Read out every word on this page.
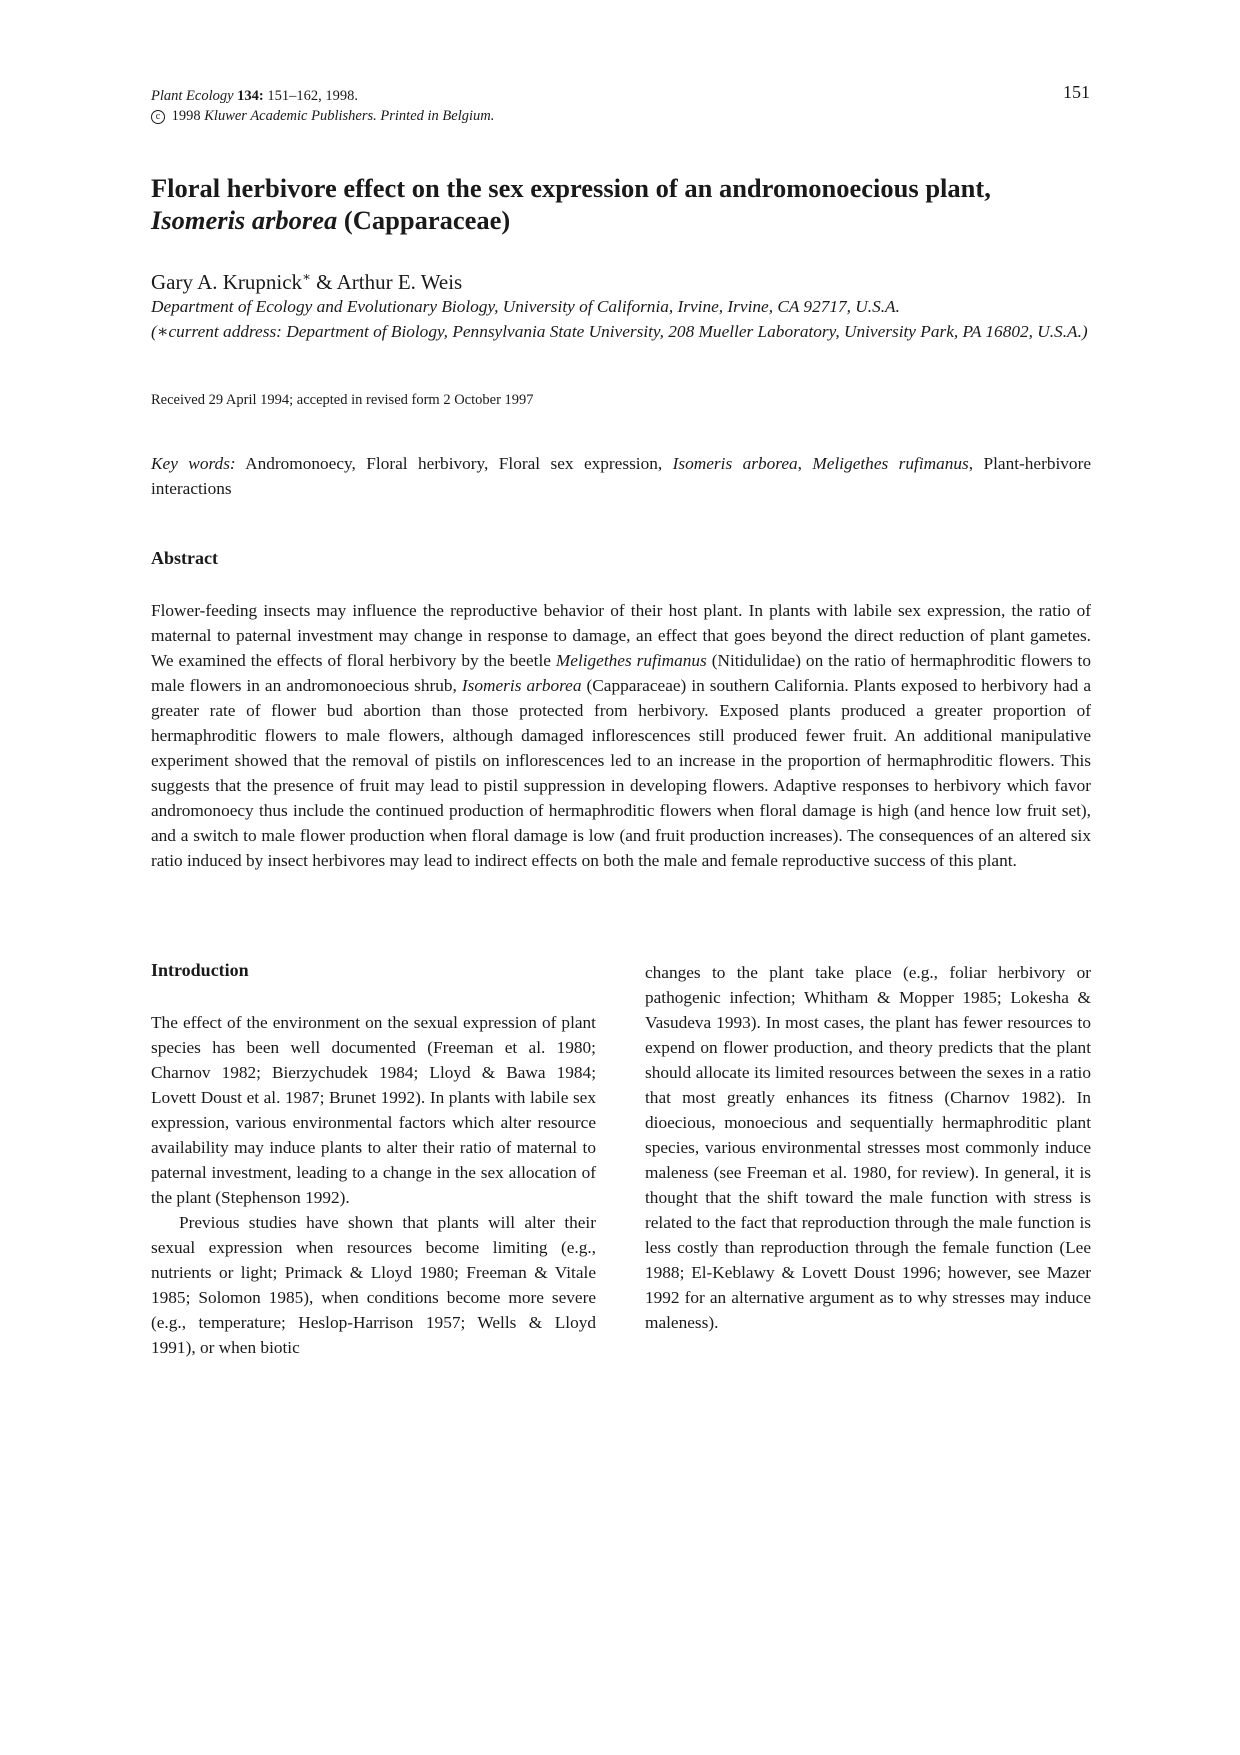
Plant Ecology 134: 151–162, 1998.
c 1998 Kluwer Academic Publishers. Printed in Belgium.
151
Floral herbivore effect on the sex expression of an andromonoecious plant,
Isomeris arborea (Capparaceae)
Gary A. Krupnick∗ & Arthur E. Weis
Department of Ecology and Evolutionary Biology, University of California, Irvine, Irvine, CA 92717, U.S.A.
(∗current address: Department of Biology, Pennsylvania State University, 208 Mueller Laboratory, University Park, PA 16802, U.S.A.)
Received 29 April 1994; accepted in revised form 2 October 1997
Key words: Andromonoecy, Floral herbivory, Floral sex expression, Isomeris arborea, Meligethes rufimanus, Plant-herbivore interactions
Abstract

Flower-feeding insects may influence the reproductive behavior of their host plant. In plants with labile sex expression, the ratio of maternal to paternal investment may change in response to damage, an effect that goes beyond the direct reduction of plant gametes. We examined the effects of floral herbivory by the beetle Meligethes rufimanus (Nitidulidae) on the ratio of hermaphroditic flowers to male flowers in an andromonoecious shrub, Isomeris arborea (Capparaceae) in southern California. Plants exposed to herbivory had a greater rate of flower bud abortion than those protected from herbivory. Exposed plants produced a greater proportion of hermaphroditic flowers to male flowers, although damaged inflorescences still produced fewer fruit. An additional manipulative experiment showed that the removal of pistils on inflorescences led to an increase in the proportion of hermaphroditic flowers. This suggests that the presence of fruit may lead to pistil suppression in developing flowers. Adaptive responses to herbivory which favor andromonoecy thus include the continued production of hermaphroditic flowers when floral damage is high (and hence low fruit set), and a switch to male flower production when floral damage is low (and fruit production increases). The consequences of an altered six ratio induced by insect herbivores may lead to indirect effects on both the male and female reproductive success of this plant.

Introduction

The effect of the environment on the sexual expression of plant species has been well documented (Freeman et al. 1980; Charnov 1982; Bierzychudek 1984; Lloyd & Bawa 1984; Lovett Doust et al. 1987; Brunet 1992). In plants with labile sex expression, various environmental factors which alter resource availability may induce plants to alter their ratio of maternal to paternal investment, leading to a change in the sex allocation of the plant (Stephenson 1992).

Previous studies have shown that plants will alter their sexual expression when resources become limiting (e.g., nutrients or light; Primack & Lloyd 1980; Freeman & Vitale 1985; Solomon 1985), when conditions become more severe (e.g., temperature; Heslop-Harrison 1957; Wells & Lloyd 1991), or when biotic

changes to the plant take place (e.g., foliar herbivory or pathogenic infection; Whitham & Mopper 1985; Lokesha & Vasudeva 1993). In most cases, the plant has fewer resources to expend on flower production, and theory predicts that the plant should allocate its limited resources between the sexes in a ratio that most greatly enhances its fitness (Charnov 1982). In dioecious, monoecious and sequentially hermaphroditic plant species, various environmental stresses most commonly induce maleness (see Freeman et al. 1980, for review). In general, it is thought that the shift toward the male function with stress is related to the fact that reproduction through the male function is less costly than reproduction through the female function (Lee 1988; El-Keblawy & Lovett Doust 1996; however, see Mazer 1992 for an alternative argument as to why stresses may induce maleness).
